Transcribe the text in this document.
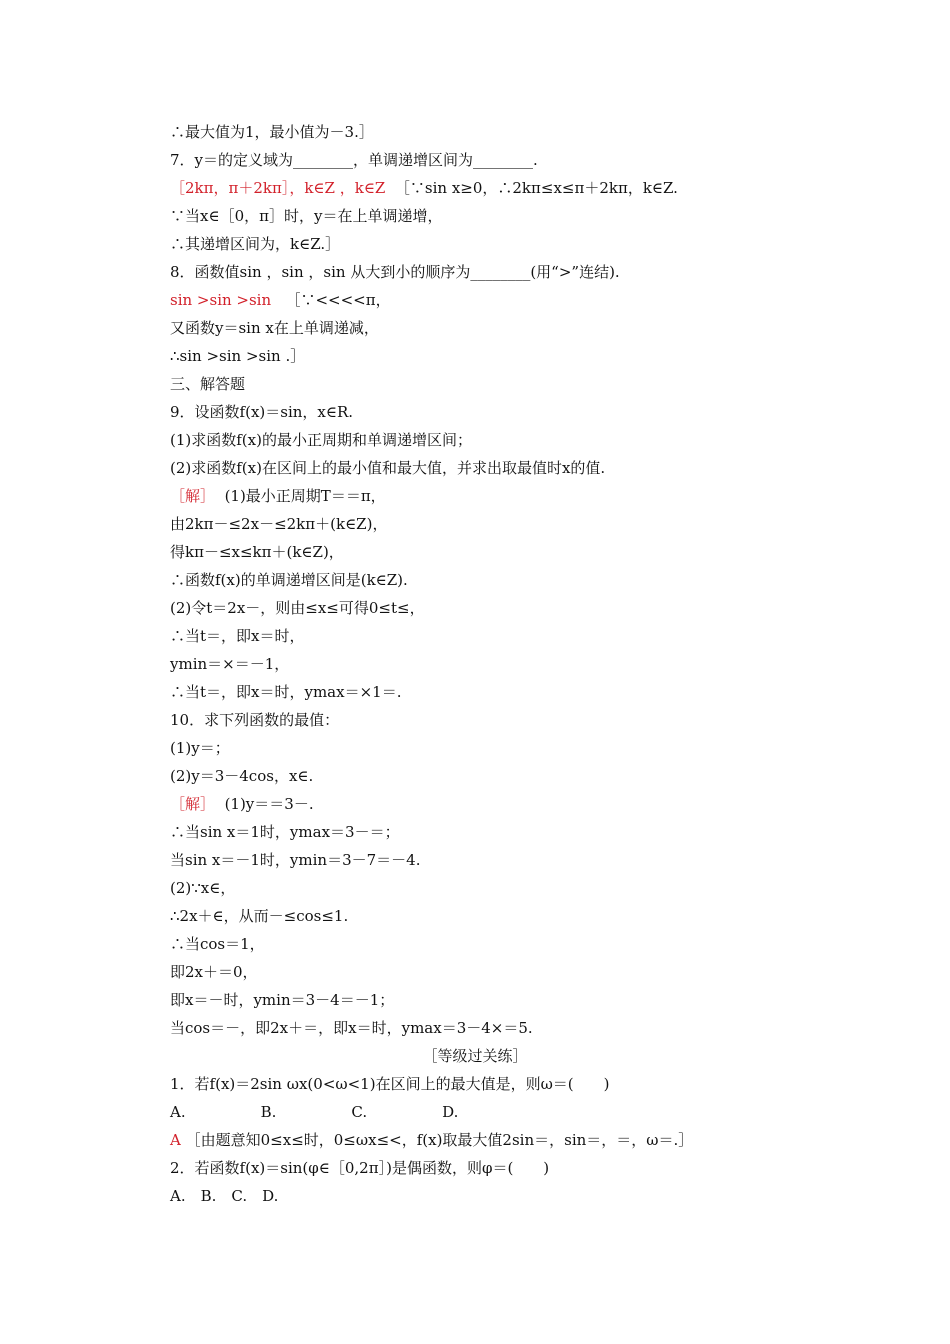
∴最大值为1，最小值为－3.］
7．y＝的定义域为________，单调递增区间为________.
［2kπ，π＋2kπ］，k∈Z ，k∈Z ［∵sin x≥0，∴2kπ≤x≤π＋2kπ，k∈Z.
∵当x∈［0，π］时，y＝在上单调递增，
∴其递增区间为，k∈Z.］
8．函数值sin ，sin ，sin 从大到小的顺序为________(用“>”连结).
sin >sin >sin ［∵<<<<π，
又函数y＝sin x在上单调递减，
∴sin >sin >sin .］
三、解答题
9．设函数f(x)＝sin，x∈R.
(1)求函数f(x)的最小正周期和单调递增区间；
(2)求函数f(x)在区间上的最小值和最大值，并求出取最值时x的值.
［解］ (1)最小正周期T＝＝π，
由2kπ－≤2x－≤2kπ＋(k∈Z)，
得kπ－≤x≤kπ＋(k∈Z)，
∴函数f(x)的单调递增区间是(k∈Z).
(2)令t＝2x－，则由≤x≤可得0≤t≤，
∴当t＝，即x＝时，
ymin＝×＝－1，
∴当t＝，即x＝时，ymax＝×1＝.
10．求下列函数的最值：
(1)y＝；
(2)y＝3－4cos，x∈.
［解］ (1)y＝＝3－.
∴当sin x＝1时，ymax＝3－＝；
当sin x＝－1时，ymin＝3－7＝－4.
(2)∵x∈，
∴2x＋∈，从而－≤cos≤1.
∴当cos＝1，
即2x＋＝0，
即x＝－时，ymin＝3－4＝－1；
当cos＝－，即2x＋＝，即x＝时，ymax＝3－4×＝5.
［等级过关练］
1．若f(x)＝2sin ωx(0<ω<1)在区间上的最大值是，则ω＝(　　)
A.　　　　　B.　　　　　C.　　　　　D.
A ［由题意知0≤x≤时，0≤ωx≤<，f(x)取最大值2sin＝，sin＝，＝，ω＝.］
2．若函数f(x)＝sin(φ∈［0,2π］)是偶函数，则φ＝(　　)
A.　B.　C.　D.
